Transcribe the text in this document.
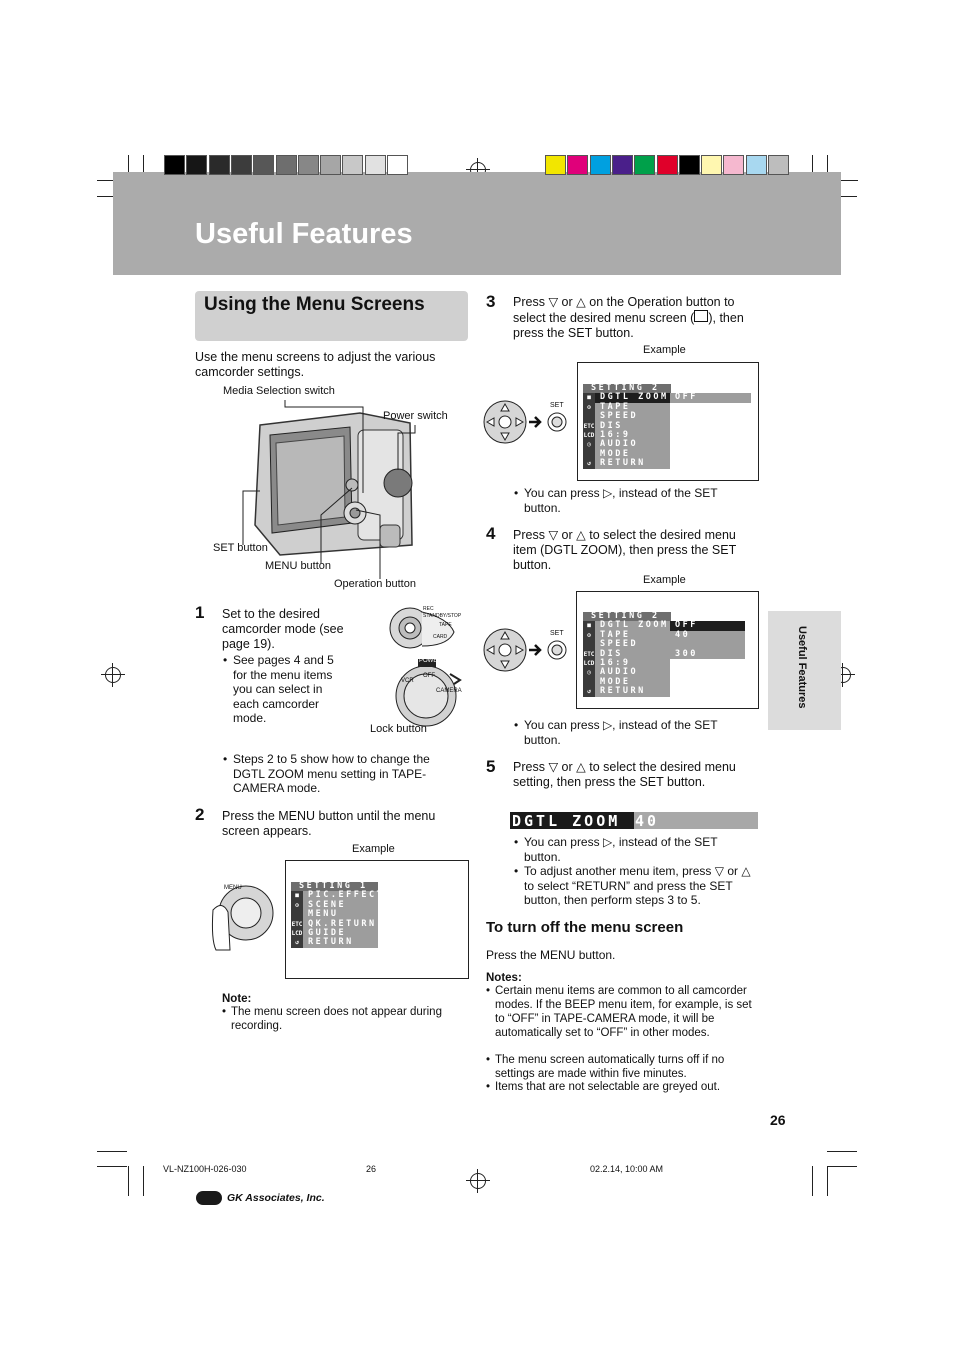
Useful Features
Using the Menu Screens
Use the menu screens to adjust the various camcorder settings.
Media Selection switch
Power switch
SET button
MENU button
Operation button
1 Set to the desired camcorder mode (see page 19).
• See pages 4 and 5 for the menu items you can select in each camcorder mode.
REC
STANDBY/STOP
TAPE
CARD
POWER
OFF
VCR
CAMERA
Lock button
• Steps 2 to 5 show how to change the DGTL ZOOM menu setting in TAPE-CAMERA mode.
2 Press the MENU button until the menu screen appears.
Example
MENU	SETTING 1
■	PIC.EFFECT
⊙	SCENE MENU
ETC QK.RETURN
LCD GUIDE
↺	RETURN
Note:
• The menu screen does not appear during recording.
3 Press ▽ or △ on the Operation button to select the desired menu screen ( ), then press the SET button.
Example
SET
SETTING 2
■	DGTL ZOOM OFF
⊙	TAPE SPEED
ETC DIS
LCD 16:9
◷	AUDIO MODE
↺	RETURN
• You can press ▷, instead of the SET button.
4 Press ▽ or △ to select the desired menu item (DGTL ZOOM), then press the SET button.
Example
SET
SETTING 2
■	DGTL ZOOM OFF
⊙	TAPE SPEED
40
ETC DIS	300
LCD 16:9
◷	AUDIO MODE
↺	RETURN
• You can press ▷, instead of the SET button.
5 Press ▽ or △ to select the desired menu setting, then press the SET button.
DGTL ZOOM 40
• You can press ▷, instead of the SET button.
• To adjust another menu item, press ▽ or △ to select “RETURN” and press the SET button, then perform steps 3 to 5.
To turn off the menu screen
Press the MENU button.
Notes:
• Certain menu items are common to all camcorder modes. If the BEEP menu item, for example, is set to “OFF” in TAPE-CAMERA mode, it will be automatically set to “OFF” in other modes.
• The menu screen automatically turns off if no settings are made within five minutes.
• Items that are not selectable are greyed out.
Useful Features
26
VL-NZ100H-026-030	26	02.2.14, 10:00 AM
GK Associates, Inc.
